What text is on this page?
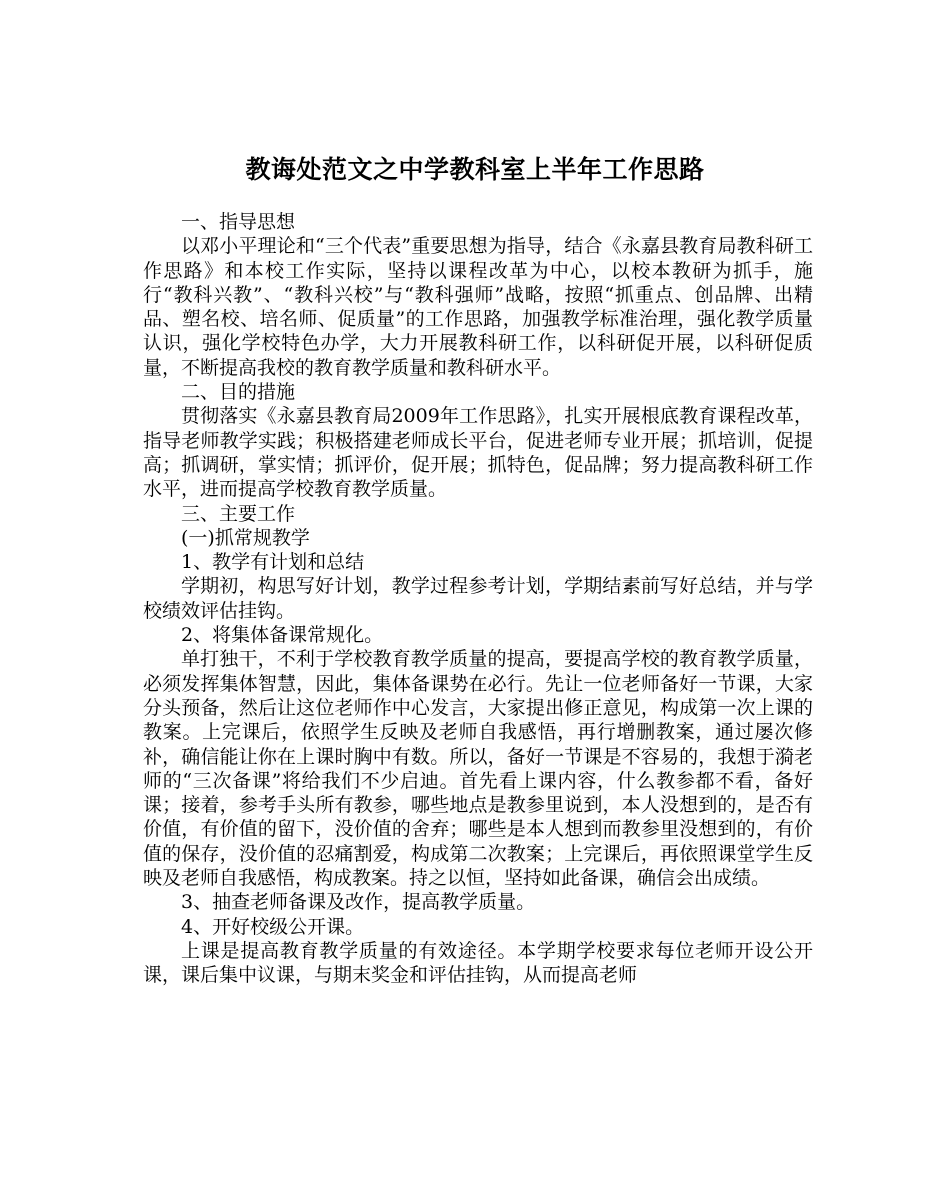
教诲处范文之中学教科室上半年工作思路

一、指导思想

以邓小平理论和“三个代表”重要思想为指导，结合《永嘉县教育局教科研工作思路》和本校工作实际，坚持以课程改革为中心，以校本教研为抓手，施行“教科兴教”、“教科兴校”与“教科强师”战略，按照“抓重点、创品牌、出精品、塑名校、培名师、促质量”的工作思路，加强教学标准治理，强化教学质量认识，强化学校特色办学，大力开展教科研工作，以科研促开展，以科研促质量，不断提高我校的教育教学质量和教科研水平。

二、目的措施

贯彻落实《永嘉县教育局2009年工作思路》，扎实开展根底教育课程改革，指导老师教学实践；积极搭建老师成长平台，促进老师专业开展；抓培训，促提高；抓调研，掌实情；抓评价，促开展；抓特色，促品牌；努力提高教科研工作水平，进而提高学校教育教学质量。

三、主要工作

(一)抓常规教学

1、教学有计划和总结

学期初，构思写好计划，教学过程参考计划，学期结素前写好总结，并与学校绩效评估挂钩。

2、将集体备课常规化。

单打独干，不利于学校教育教学质量的提高，要提高学校的教育教学质量，必须发挥集体智慧，因此，集体备课势在必行。先让一位老师备好一节课，大家分头预备，然后让这位老师作中心发言，大家提出修正意见，构成第一次上课的教案。上完课后，依照学生反映及老师自我感悟，再行增删教案，通过屡次修补，确信能让你在上课时胸中有数。所以，备好一节课是不容易的，我想于漪老师的“三次备课”将给我们不少启迪。首先看上课内容，什么教参都不看，备好课；接着，参考手头所有教参，哪些地点是教参里说到，本人没想到的，是否有价值，有价值的留下，没价值的舍弃；哪些是本人想到而教参里没想到的，有价值的保存，没价值的忍痛割爱，构成第二次教案；上完课后，再依照课堂学生反映及老师自我感悟，构成教案。持之以恒，坚持如此备课，确信会出成绩。

3、抽查老师备课及改作，提高教学质量。

4、开好校级公开课。

上课是提高教育教学质量的有效途径。本学期学校要求每位老师开设公开课，课后集中议课，与期末奖金和评估挂钩，从而提高老师
